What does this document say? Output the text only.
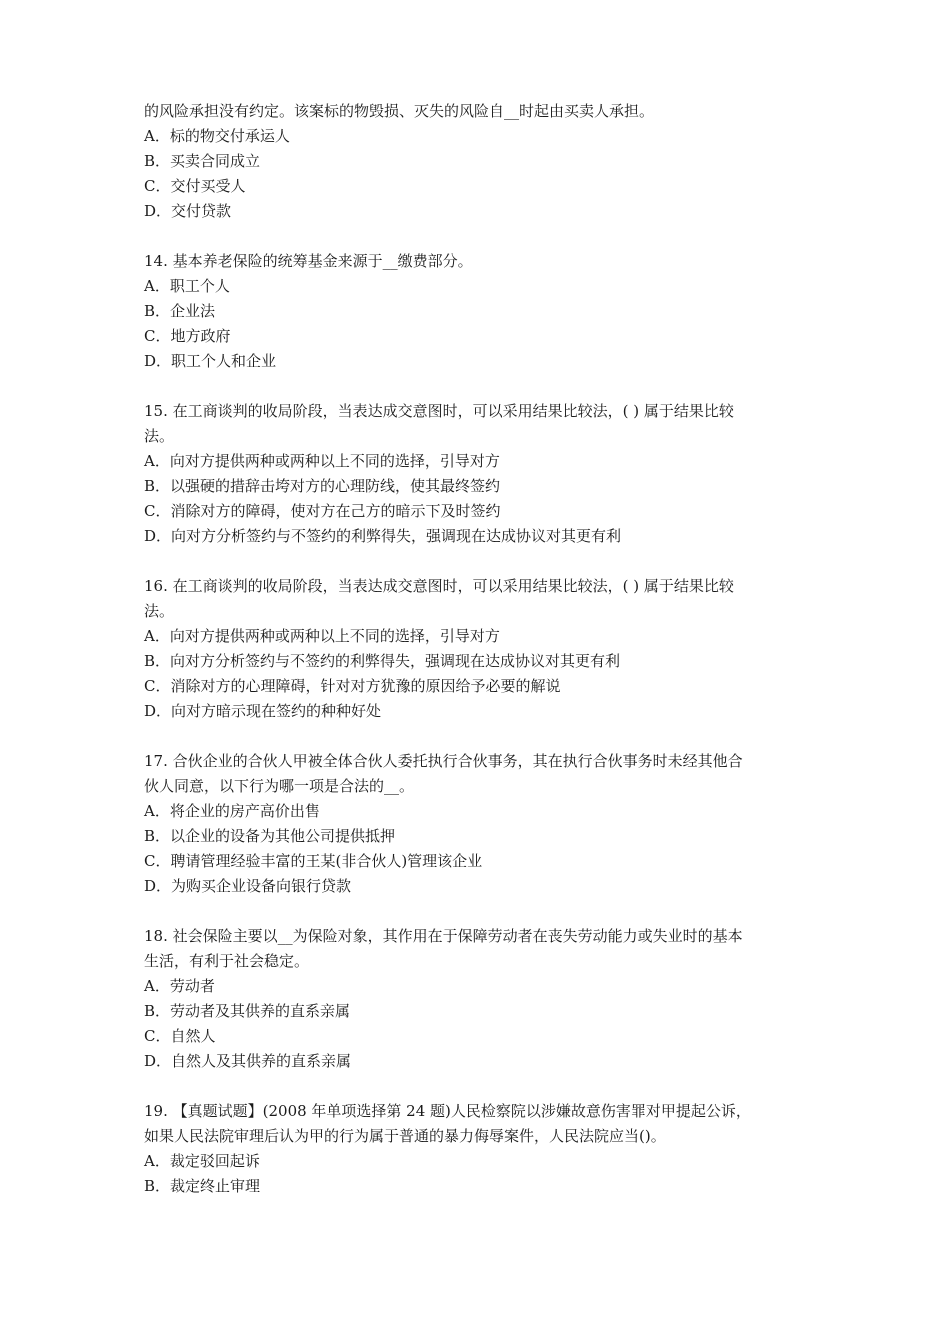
的风险承担没有约定。该案标的物毁损、灭失的风险自__时起由买卖人承担。
A．标的物交付承运人
B．买卖合同成立
C．交付买受人
D．交付贷款
14. 基本养老保险的统筹基金来源于__缴费部分。
A．职工个人
B．企业法
C．地方政府
D．职工个人和企业
15. 在工商谈判的收局阶段，当表达成交意图时，可以采用结果比较法，( ) 属于结果比较
法。
A．向对方提供两种或两种以上不同的选择，引导对方
B．以强硬的措辞击垮对方的心理防线，使其最终签约
C．消除对方的障碍，使对方在己方的暗示下及时签约
D．向对方分析签约与不签约的利弊得失，强调现在达成协议对其更有利
16. 在工商谈判的收局阶段，当表达成交意图时，可以采用结果比较法，( ) 属于结果比较
法。
A．向对方提供两种或两种以上不同的选择，引导对方
B．向对方分析签约与不签约的利弊得失，强调现在达成协议对其更有利
C．消除对方的心理障碍，针对对方犹豫的原因给予必要的解说
D．向对方暗示现在签约的种种好处
17. 合伙企业的合伙人甲被全体合伙人委托执行合伙事务，其在执行合伙事务时未经其他合
伙人同意，以下行为哪一项是合法的__。
A．将企业的房产高价出售
B．以企业的设备为其他公司提供抵押
C．聘请管理经验丰富的王某(非合伙人)管理该企业
D．为购买企业设备向银行贷款
18. 社会保险主要以__为保险对象，其作用在于保障劳动者在丧失劳动能力或失业时的基本
生活，有利于社会稳定。
A．劳动者
B．劳动者及其供养的直系亲属
C．自然人
D．自然人及其供养的直系亲属
19. 【真题试题】(2008 年单项选择第 24 题)人民检察院以涉嫌故意伤害罪对甲提起公诉，
如果人民法院审理后认为甲的行为属于普通的暴力侮辱案件，人民法院应当()。
A．裁定驳回起诉
B．裁定终止审理
